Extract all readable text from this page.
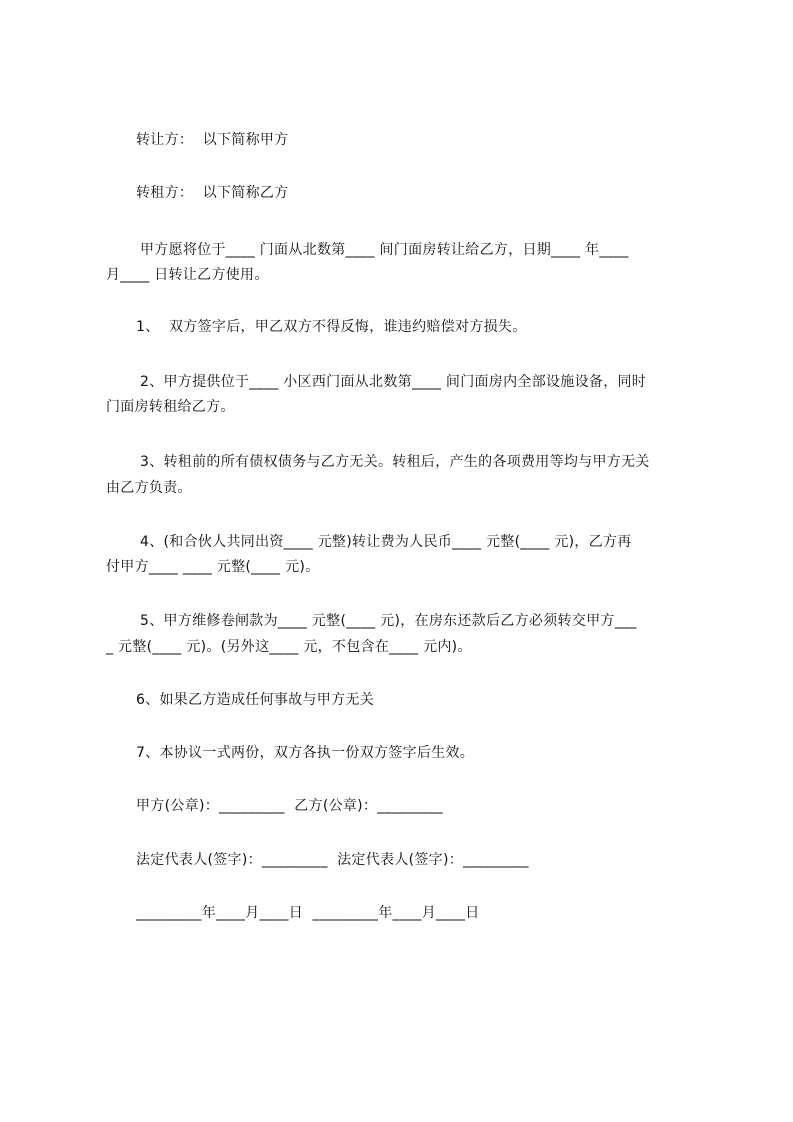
转让方：  以下简称甲方
转租方：  以下简称乙方
甲方愿将位于____ 门面从北数第____ 间门面房转让给乙方，日期____ 年____
月____ 日转让乙方使用。
1、  双方签字后，甲乙双方不得反悔，谁违约赔偿对方损失。
2、甲方提供位于____ 小区西门面从北数第____ 间门面房内全部设施设备，同时
门面房转租给乙方。
3、转租前的所有债权债务与乙方无关。转租后，产生的各项费用等均与甲方无关
由乙方负责。
4、(和合伙人共同出资____ 元整)转让费为人民币____ 元整(____ 元)，乙方再
付甲方____ ____ 元整(____ 元)。
5、甲方维修卷闸款为____ 元整(____ 元)，在房东还款后乙方必须转交甲方___
_ 元整(____ 元)。(另外这____ 元，不包含在____ 元内)。
6、如果乙方造成任何事故与甲方无关
7、本协议一式两份，双方各执一份双方签字后生效。
甲方(公章)：_________  乙方(公章)：_________
法定代表人(签字)：_________  法定代表人(签字)：_________
_________年____月____日  _________年____月____日
